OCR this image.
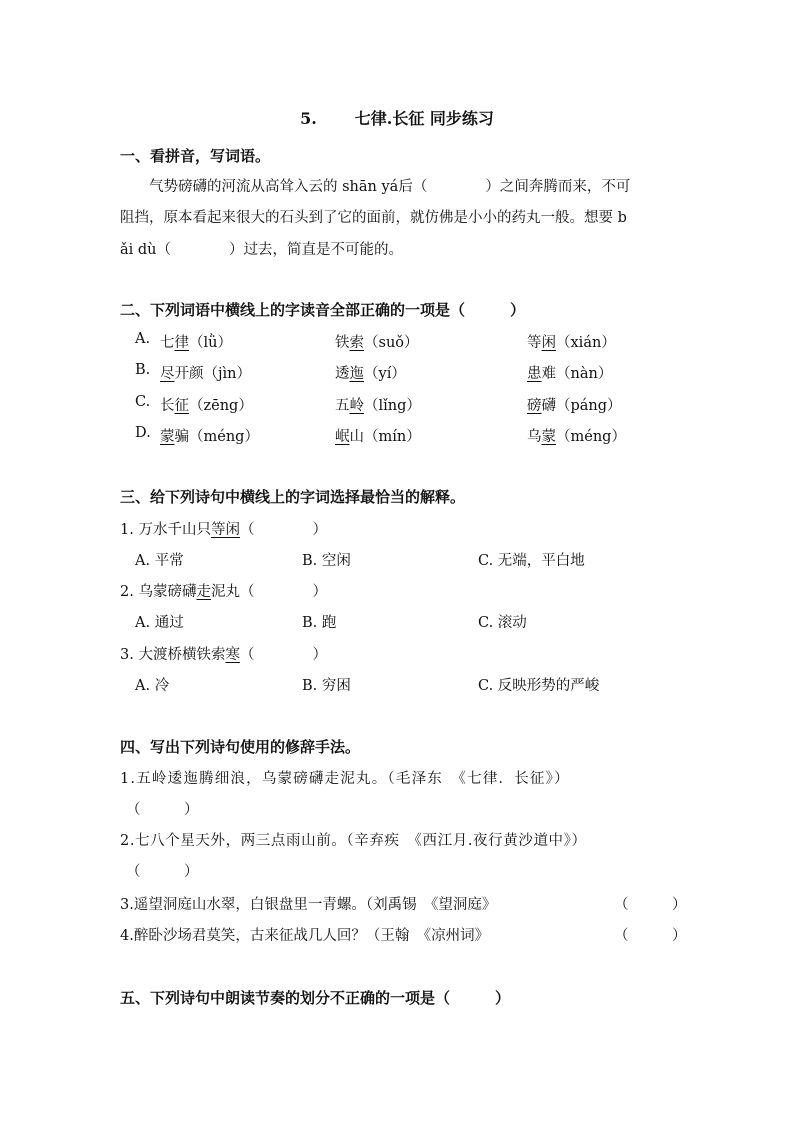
5. 七律.长征 同步练习
一、看拼音，写词语。
气势磅礴的河流从高耸入云的 shān yá后（　　　　）之间奔腾而来，不可
阻挡，原本看起来很大的石头到了它的面前，就仿佛是小小的药丸一般。想要 b
ǎi dù（　　　　）过去，简直是不可能的。
二、下列词语中横线上的字读音全部正确的一项是（　　　）
A. 七律（lǜ）	铁索（suǒ）	等闲（xián）
B. 尽开颜（jìn）	透迤（yí）	患难（nàn）
C. 长征（zēng）	五岭（lǐng）	磅礴（páng）
D. 蒙骗（méng）	岷山（mín）	乌蒙（méng）
三、给下列诗句中横线上的字词选择最恰当的解释。
1. 万水千山只等闲（　　　　）
A. 平常	B. 空闲	C. 无端，平白地
2. 乌蒙磅礴走泥丸（　　　　）
A. 通过	B. 跑	C. 滚动
3. 大渡桥横铁索寒（　　　　）
A. 冷	B. 穷困	C. 反映形势的严峻
四、写出下列诗句使用的修辞手法。
1.五岭逶迤腾细浪，乌蒙磅礴走泥丸。（毛泽东　《七律．长征》）
（　　　）
2.七八个星天外，两三点雨山前。（辛弃疾　《西江月.夜行黄沙道中》）
（　　　）
3.遥望洞庭山水翠，白银盘里一青螺。（刘禹锡　《望洞庭》	（　　　）
4.醉卧沙场君莫笑，古来征战几人回？（王翰　《凉州词》	（　　　）
五、下列诗句中朗读节奏的划分不正确的一项是（　　　）
